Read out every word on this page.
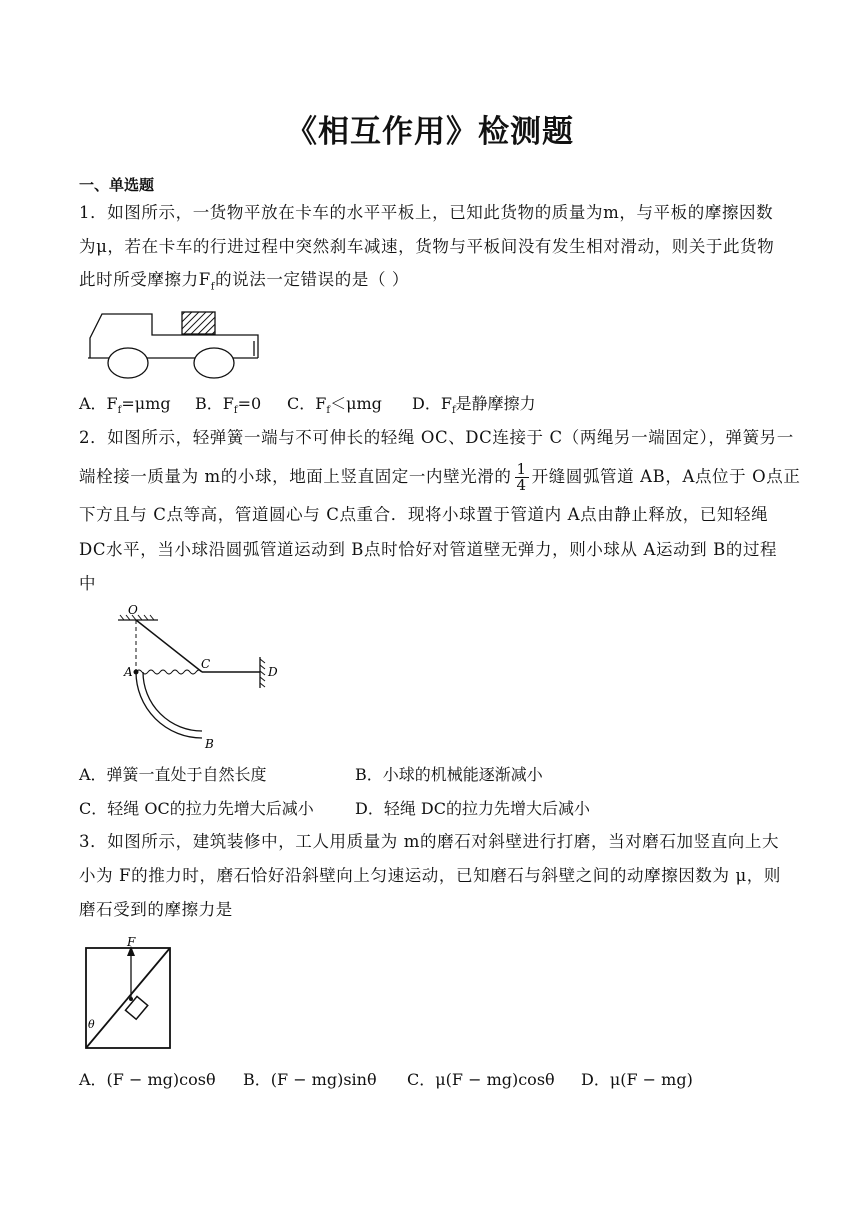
《相互作用》检测题
一、单选题
1．如图所示，一货物平放在卡车的水平平板上，已知此货物的质量为m，与平板的摩擦因数
为μ，若在卡车的行进过程中突然刹车减速，货物与平板间没有发生相对滑动，则关于此货物
此时所受摩擦力$F_f$的说法一定错误的是（ ）
A．$F_f=\mu mg$ B．$F_f=0$ C．$F_f<\mu mg$ D．$F_f$是静摩擦力
2．如图所示，轻弹簧一端与不可伸长的轻绳 OC、DC连接于 C（两绳另一端固定），弹簧另一
端栓接一质量为 m的小球，地面上竖直固定一内壁光滑的 $\frac{1}{4}$ 开缝圆弧管道 AB，A点位于 O点正
下方且与 C点等高，管道圆心与 C点重合．现将小球置于管道内 A点由静止释放，已知轻绳
DC水平，当小球沿圆弧管道运动到 B点时恰好对管道壁无弹力，则小球从 A运动到 B的过程
中
O
A
C
D
B
A．弹簧一直处于自然长度	B．小球的机械能逐渐减小
C．轻绳 OC的拉力先增大后减小	D．轻绳 DC的拉力先增大后减小
3．如图所示，建筑装修中，工人用质量为 m的磨石对斜壁进行打磨，当对磨石加竖直向上大
小为 F的推力时，磨石恰好沿斜壁向上匀速运动，已知磨石与斜壁之间的动摩擦因数为 μ，则
磨石受到的摩擦力是
F
θ
A．(F − mg)cosθ B．(F − mg)sinθ C．μ(F − mg)cosθ D．μ(F − mg)
